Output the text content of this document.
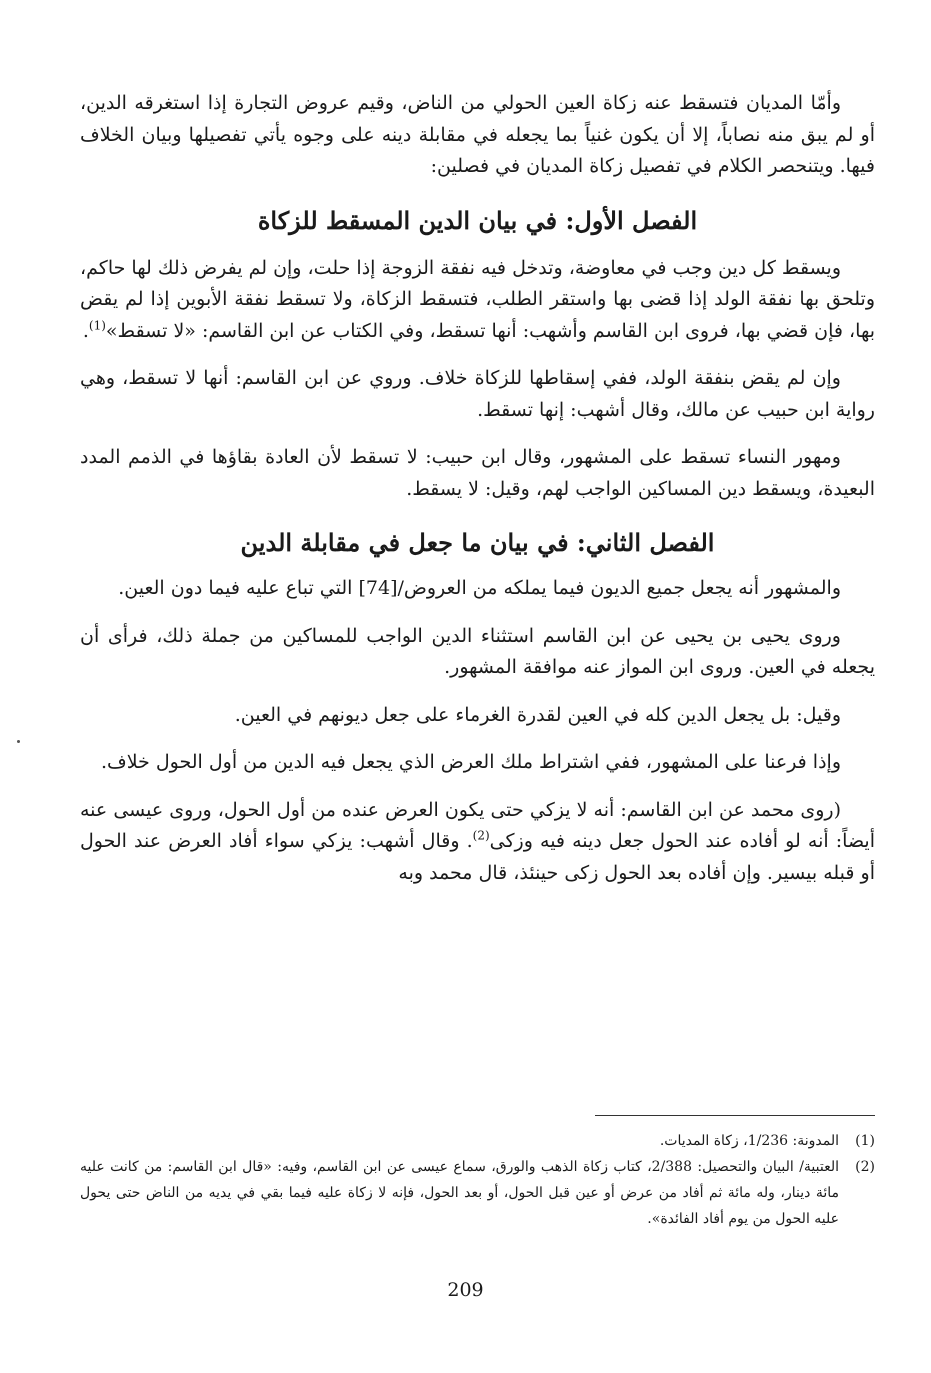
وأمّا المديان فتسقط عنه زكاة العين الحولي من الناض، وقيم عروض التجارة إذا استغرقه الدين، أو لم يبق منه نصاباً، إلا أن يكون غنياً بما يجعله في مقابلة دينه على وجوه يأتي تفصيلها وبيان الخلاف فيها. ويتنحصر الكلام في تفصيل زكاة المديان في فصلين:

الفصل الأول: في بيان الدين المسقط للزكاة

ويسقط كل دين وجب في معاوضة، وتدخل فيه نفقة الزوجة إذا حلت، وإن لم يفرض ذلك لها حاكم، وتلحق بها نفقة الولد إذا قضى بها واستقر الطلب، فتسقط الزكاة، ولا تسقط نفقة الأبوين إذا لم يقض بها، فإن قضي بها، فروى ابن القاسم وأشهب: أنها تسقط، وفي الكتاب عن ابن القاسم: «لا تسقط»$^{(1)}$.

وإن لم يقض بنفقة الولد، ففي إسقاطها للزكاة خلاف. وروي عن ابن القاسم: أنها لا تسقط، وهي رواية ابن حبيب عن مالك، وقال أشهب: إنها تسقط.

ومهور النساء تسقط على المشهور، وقال ابن حبيب: لا تسقط لأن العادة بقاؤها في الذمم المدد البعيدة، ويسقط دين المساكين الواجب لهم، وقيل: لا يسقط.

الفصل الثاني: في بيان ما جعل في مقابلة الدين

والمشهور أنه يجعل جميع الديون فيما يملكه من العروض/[74] التي تباع عليه فيما دون العين.

وروى يحيى بن يحيى عن ابن القاسم استثناء الدين الواجب للمساكين من جملة ذلك، فرأى أن يجعله في العين. وروى ابن المواز عنه موافقة المشهور.

وقيل: بل يجعل الدين كله في العين لقدرة الغرماء على جعل ديونهم في العين.

وإذا فرعنا على المشهور، ففي اشتراط ملك العرض الذي يجعل فيه الدين من أول الحول خلاف.

(روى محمد عن ابن القاسم: أنه لا يزكي حتى يكون العرض عنده من أول الحول، وروى عيسى عنه أيضاً: أنه لو أفاده عند الحول جعل دينه فيه وزكى$^{(2)}$. وقال أشهب: يزكي سواء أفاد العرض عند الحول أو قبله بيسير. وإن أفاده بعد الحول زكى حينئذ، قال محمد وبه

(1)
المدونة: 1/236، زكاة المديات.

(2)
العتبية/ البيان والتحصيل: 2/388، كتاب زكاة الذهب والورق، سماع عيسى عن ابن القاسم، وفيه: «قال ابن القاسم: من كانت عليه مائة دينار، وله مائة ثم أفاد من عرض أو عين قبل الحول، أو بعد الحول، فإنه لا زكاة عليه فيما بقي في يديه من الناض حتى يحول عليه الحول من يوم أفاد الفائدة».

209
